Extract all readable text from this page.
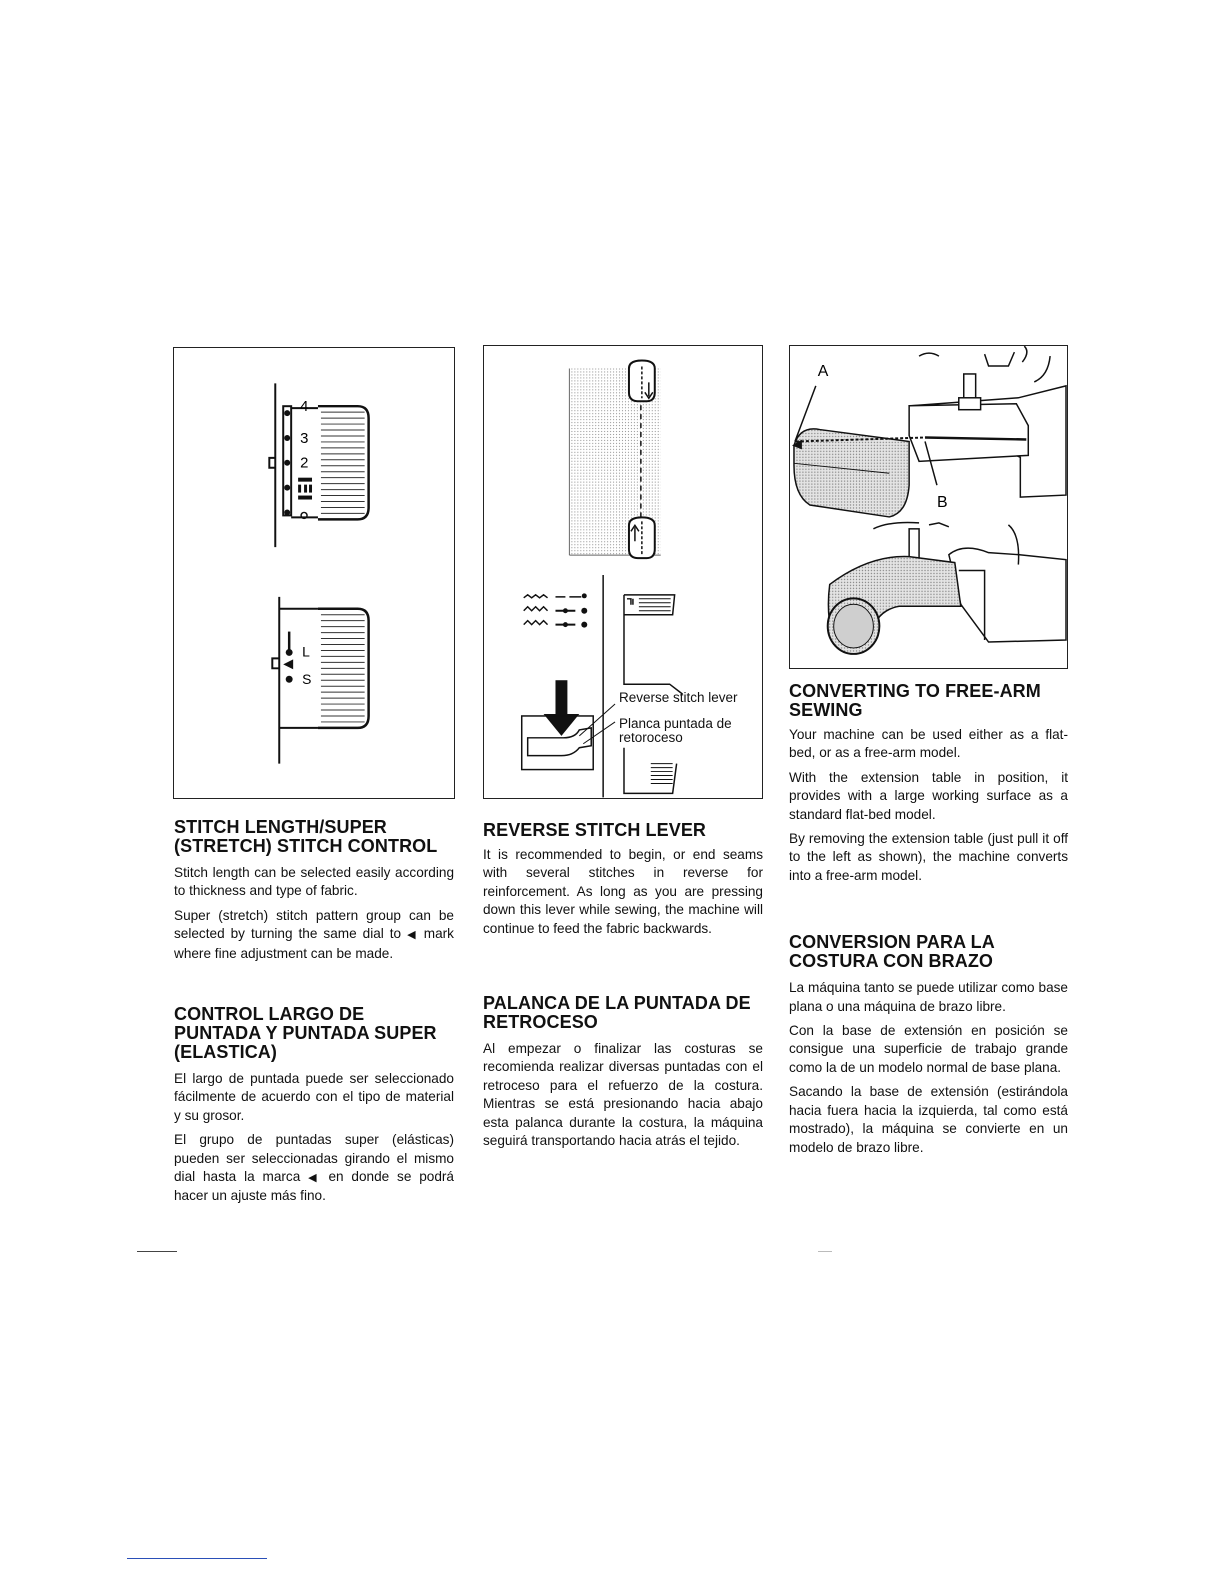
4
3
2
L
S
Reverse stitch lever
Planca puntada de
retoroceso
A
B
STITCH LENGTH/SUPER
(STRETCH) STITCH CONTROL

Stitch length can be selected easily according to thickness and type of fabric.

Super (stretch) stitch pattern group can be selected by turning the same dial to ◀ mark where fine adjustment can be made.

CONTROL LARGO DE
PUNTADA Y PUNTADA SUPER
(ELASTICA)

El largo de puntada puede ser seleccionado fácilmente de acuerdo con el tipo de material y su grosor.

El grupo de puntadas super (elásticas) pueden ser seleccionadas girando el mismo dial hasta la marca ◀ en donde se podrá hacer un ajuste más fino.

REVERSE STITCH LEVER

It is recommended to begin, or end seams with several stitches in reverse for reinforcement. As long as you are pressing down this lever while sewing, the machine will continue to feed the fabric backwards.

PALANCA DE LA PUNTADA DE
RETROCESO

Al empezar o finalizar las costuras se recomienda realizar diversas puntadas con el retroceso para el refuerzo de la costura. Mientras se está presionando hacia abajo esta palanca durante la costura, la máquina seguirá transportando hacia atrás el tejido.

CONVERTING TO FREE-ARM
SEWING

Your machine can be used either as a flat-bed, or as a free-arm model.

With the extension table in position, it provides with a large working surface as a standard flat-bed model.

By removing the extension table (just pull it off to the left as shown), the machine converts into a free-arm model.

CONVERSION PARA LA
COSTURA CON BRAZO

La máquina tanto se puede utilizar como base plana o una máquina de brazo libre.

Con la base de extensión en posición se consigue una superficie de trabajo grande como la de un modelo normal de base plana.

Sacando la base de extensión (estirándola hacia fuera hacia la izquierda, tal como está mostrado), la máquina se convierte en un modelo de brazo libre.
